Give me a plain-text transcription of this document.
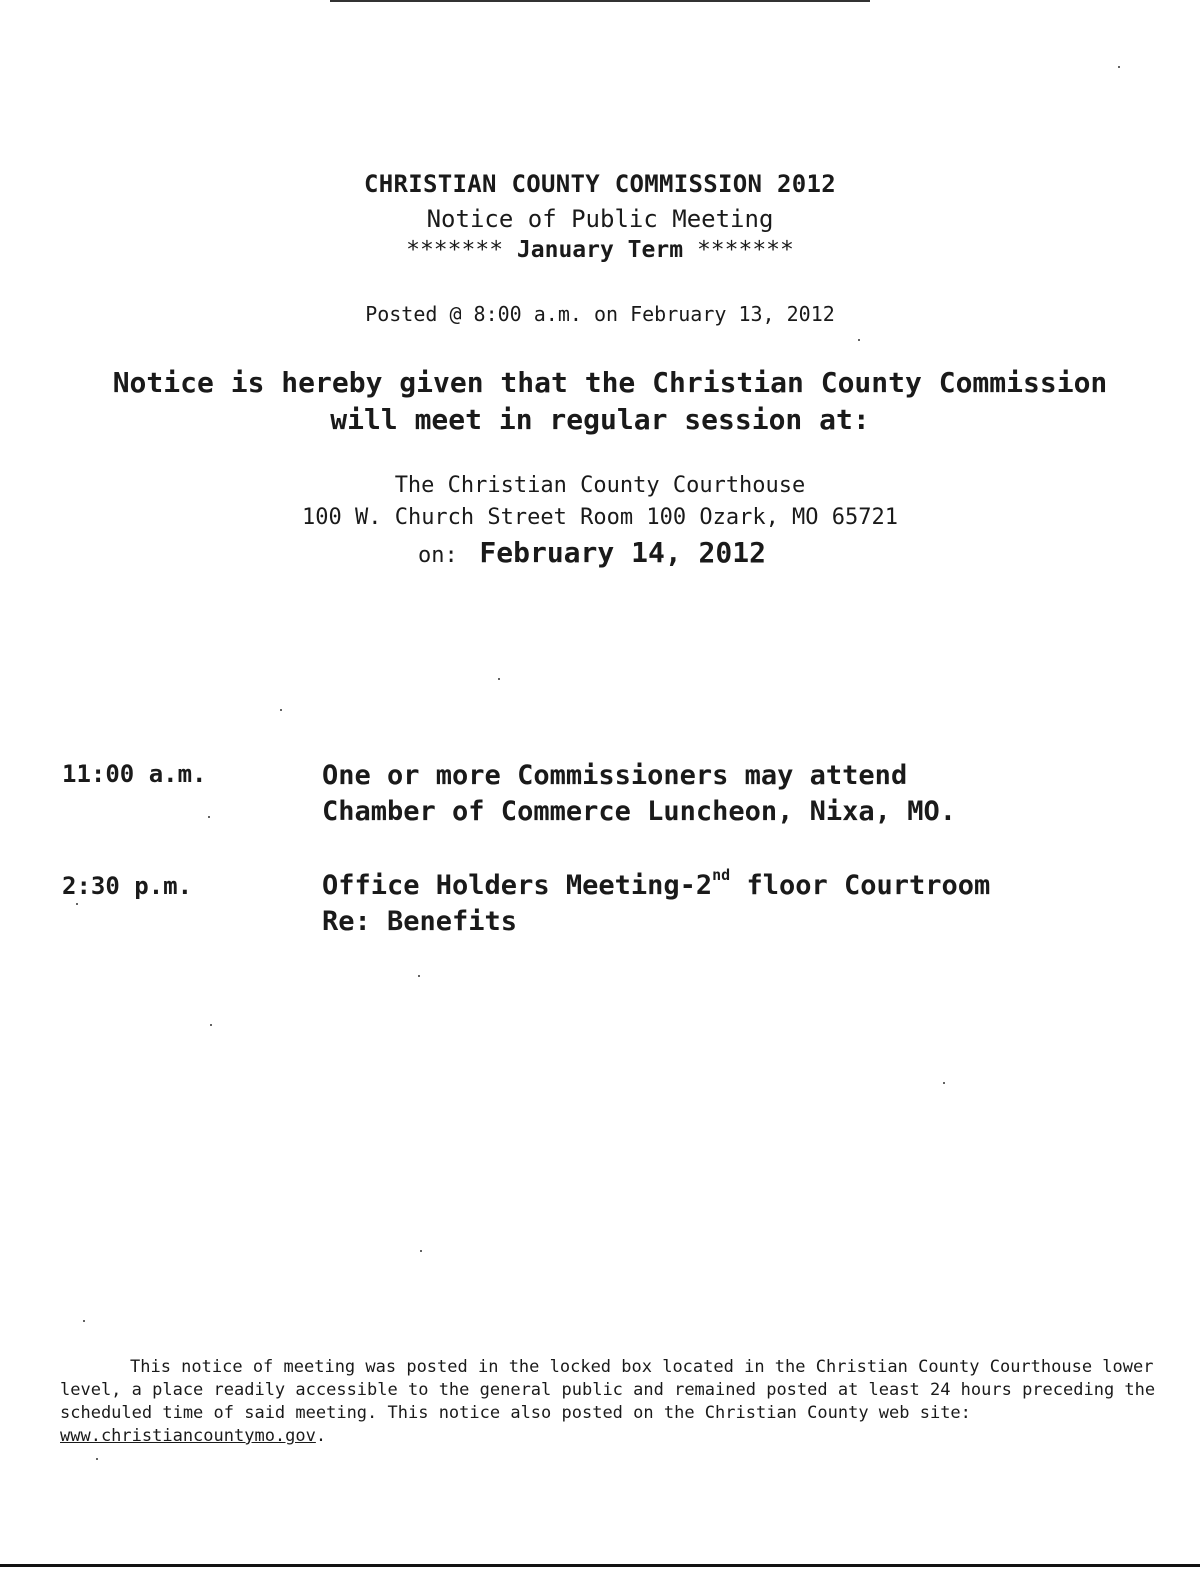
CHRISTIAN COUNTY COMMISSION 2012
Notice of Public Meeting
******* January Term *******
Posted @ 8:00 a.m. on February 13, 2012
Notice is hereby given that the Christian County Commission
will meet in regular session at:
The Christian County Courthouse
100 W. Church Street Room 100 Ozark, MO 65721
on: February 14, 2012
11:00 a.m.	One or more Commissioners may attend
Chamber of Commerce Luncheon, Nixa, MO.
2:30 p.m.	Office Holders Meeting-2nd floor Courtroom
Re: Benefits
This notice of meeting was posted in the locked box located in the Christian County Courthouse lower level, a place readily accessible to the general public and remained posted at least 24 hours preceding the scheduled time of said meeting. This notice also posted on the Christian County web site: www.christiancountymo.gov.
